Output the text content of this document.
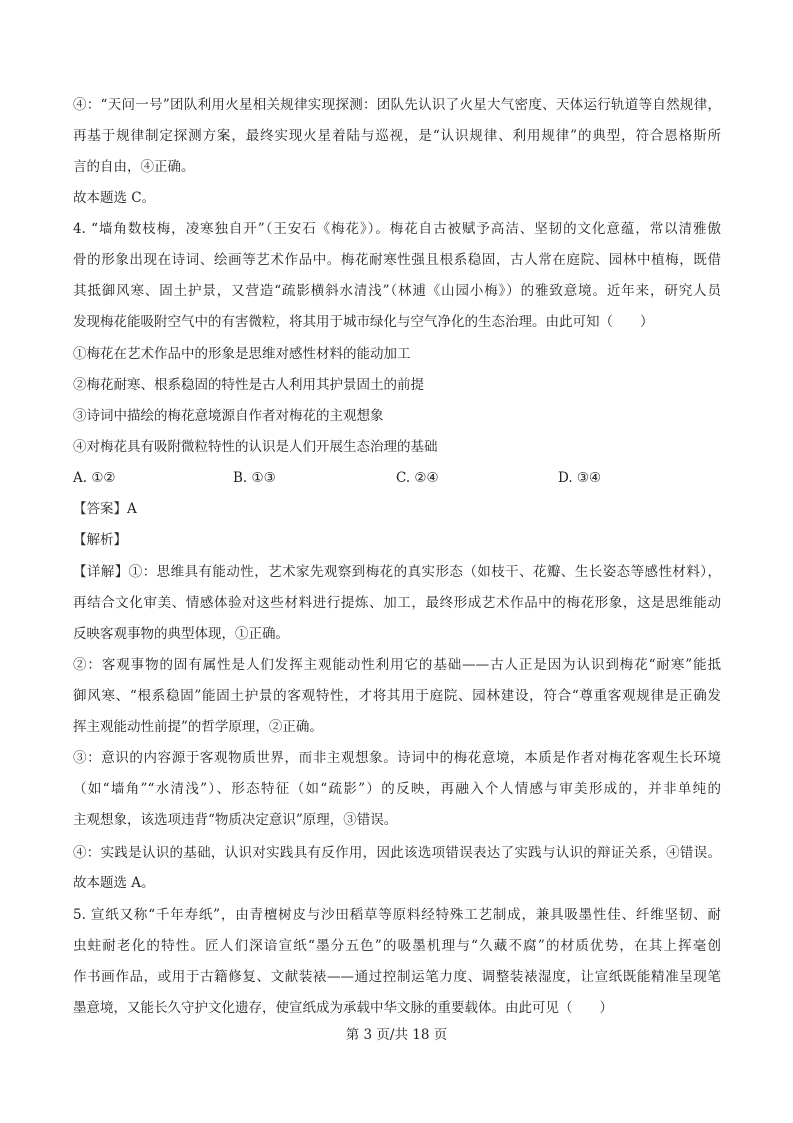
④：“天问一号”团队利用火星相关规律实现探测：团队先认识了火星大气密度、天体运行轨道等自然规律，
再基于规律制定探测方案，最终实现火星着陆与巡视，是“认识规律、利用规律”的典型，符合恩格斯所
言的自由，④正确。
故本题选 C。
4. “墙角数枝梅，凌寒独自开”（王安石《梅花》）。梅花自古被赋予高洁、坚韧的文化意蕴，常以清雅傲
骨的形象出现在诗词、绘画等艺术作品中。梅花耐寒性强且根系稳固，古人常在庭院、园林中植梅，既借
其抵御风寒、固土护景，又营造“疏影横斜水清浅”（林逋《山园小梅》）的雅致意境。近年来，研究人员
发现梅花能吸附空气中的有害微粒，将其用于城市绿化与空气净化的生态治理。由此可知（　　）
①梅花在艺术作品中的形象是思维对感性材料的能动加工
②梅花耐寒、根系稳固的特性是古人利用其护景固土的前提
③诗词中描绘的梅花意境源自作者对梅花的主观想象
④对梅花具有吸附微粒特性的认识是人们开展生态治理的基础
A. ①②	B. ①③	C. ②④	D. ③④
【答案】A
【解析】
【详解】①：思维具有能动性，艺术家先观察到梅花的真实形态（如枝干、花瓣、生长姿态等感性材料），
再结合文化审美、情感体验对这些材料进行提炼、加工，最终形成艺术作品中的梅花形象，这是思维能动
反映客观事物的典型体现，①正确。
②：客观事物的固有属性是人们发挥主观能动性利用它的基础——古人正是因为认识到梅花“耐寒”能抵
御风寒、“根系稳固”能固土护景的客观特性，才将其用于庭院、园林建设，符合“尊重客观规律是正确发
挥主观能动性前提”的哲学原理，②正确。
③：意识的内容源于客观物质世界，而非主观想象。诗词中的梅花意境，本质是作者对梅花客观生长环境
（如“墙角”“水清浅”）、形态特征（如“疏影”）的反映，再融入个人情感与审美形成的，并非单纯的
主观想象，该选项违背“物质决定意识”原理，③错误。
④：实践是认识的基础，认识对实践具有反作用，因此该选项错误表达了实践与认识的辩证关系，④错误。
故本题选 A。
5. 宣纸又称“千年寿纸”，由青檀树皮与沙田稻草等原料经特殊工艺制成，兼具吸墨性佳、纤维坚韧、耐
虫蛀耐老化的特性。匠人们深谙宣纸“墨分五色”的吸墨机理与“久藏不腐”的材质优势，在其上挥毫创
作书画作品，或用于古籍修复、文献装裱——通过控制运笔力度、调整装裱湿度，让宣纸既能精准呈现笔
墨意境，又能长久守护文化遗存，使宣纸成为承载中华文脉的重要载体。由此可见（　　）
第 3 页/共 18 页
